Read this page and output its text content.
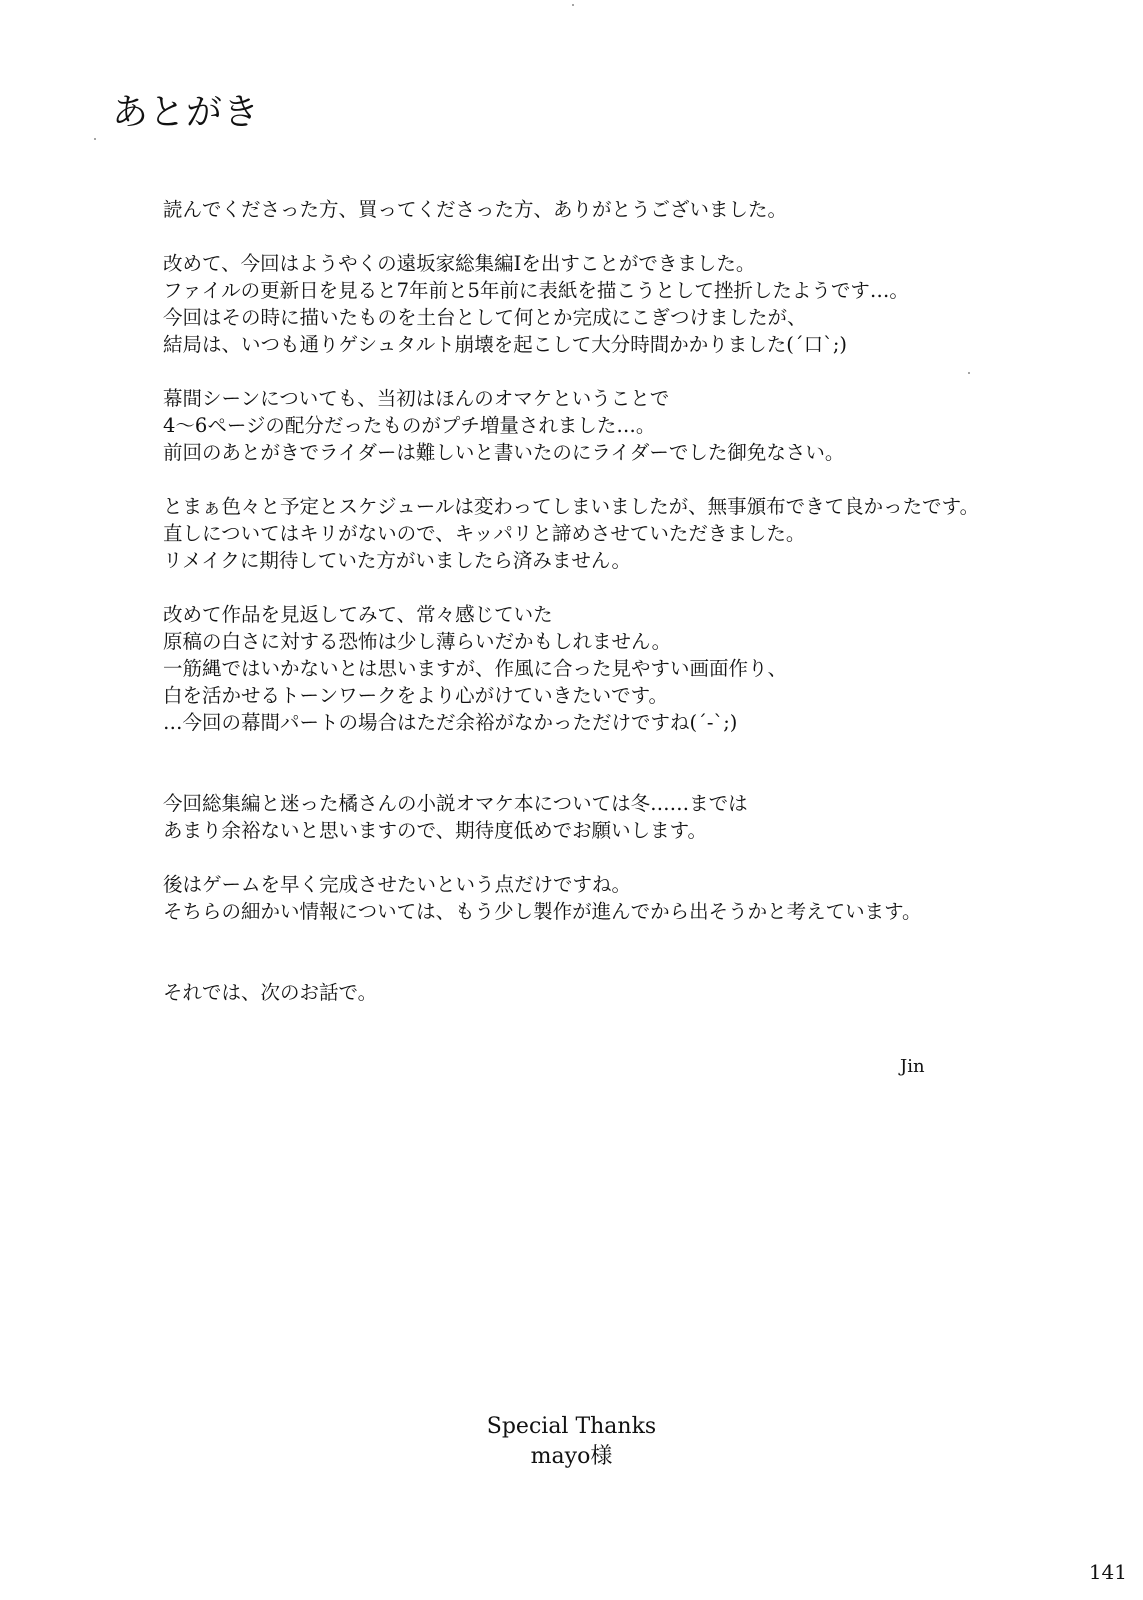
あとがき

読んでくださった方、買ってくださった方、ありがとうございました。

改めて、今回はようやくの遠坂家総集編Ⅰを出すことができました。
ファイルの更新日を見ると7年前と5年前に表紙を描こうとして挫折したようです…。
今回はその時に描いたものを土台として何とか完成にこぎつけましたが、
結局は、いつも通りゲシュタルト崩壊を起こして大分時間かかりました(´口`;)

幕間シーンについても、当初はほんのオマケということで
4～6ページの配分だったものがプチ増量されました…。
前回のあとがきでライダーは難しいと書いたのにライダーでした御免なさい。

とまぁ色々と予定とスケジュールは変わってしまいましたが、無事頒布できて良かったです。
直しについてはキリがないので、キッパリと諦めさせていただきました。
リメイクに期待していた方がいましたら済みません。

改めて作品を見返してみて、常々感じていた
原稿の白さに対する恐怖は少し薄らいだかもしれません。
一筋縄ではいかないとは思いますが、作風に合った見やすい画面作り、
白を活かせるトーンワークをより心がけていきたいです。
…今回の幕間パートの場合はただ余裕がなかっただけですね(´-`;)

今回総集編と迷った橘さんの小説オマケ本については冬……までは
あまり余裕ないと思いますので、期待度低めでお願いします。

後はゲームを早く完成させたいという点だけですね。
そちらの細かい情報については、もう少し製作が進んでから出そうかと考えています。

それでは、次のお話で。

Jin

Special Thanks
mayo様
141
